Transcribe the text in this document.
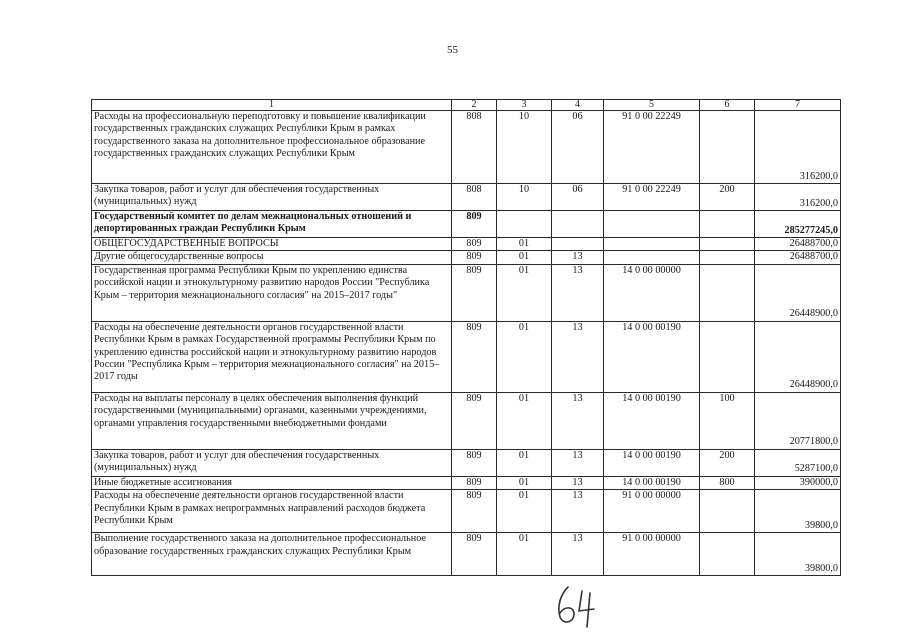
55
1	2	3	4	5	6	7
Расходы на профессиональную переподготовку и повышение квалификации государственных гражданских служащих Республики Крым в рамках государственного заказа на дополнительное профессиональное образование государственных гражданских служащих Республики Крым	808	10	06	91 0 00 22249		316200,0
Закупка товаров, работ и услуг для обеспечения государственных (муниципальных) нужд	808	10	06	91 0 00 22249	200	316200,0
Государственный комитет по делам межнациональных отношений и депортированных граждан Республики Крым	809					285277245,0
ОБЩЕГОСУДАРСТВЕННЫЕ ВОПРОСЫ	809	01				26488700,0
Другие общегосударственные вопросы	809	01	13			26488700,0
Государственная программа Республики Крым по укреплению единства российской нации и этнокультурному развитию народов России "Республика Крым – территория межнационального согласия" на 2015–2017 годы"	809	01	13	14 0 00 00000		26448900,0
Расходы на обеспечение деятельности органов государственной власти Республики Крым в рамках Государственной программы Республики Крым по укреплению единства российской нации и этнокультурному развитию народов России "Республика Крым – территория межнационального согласия" на 2015–2017 годы	809	01	13	14 0 00 00190		26448900,0
Расходы на выплаты персоналу в целях обеспечения выполнения функций государственными (муниципальными) органами, казенными учреждениями, органами управления государственными внебюджетными фондами	809	01	13	14 0 00 00190	100	20771800,0
Закупка товаров, работ и услуг для обеспечения государственных (муниципальных) нужд	809	01	13	14 0 00 00190	200	5287100,0
Иные бюджетные ассигнования	809	01	13	14 0 00 00190	800	390000,0
Расходы на обеспечение деятельности органов государственной власти Республики Крым в рамках непрограммных направлений расходов бюджета Республики Крым	809	01	13	91 0 00 00000		39800,0
Выполнение государственного заказа на дополнительное профессиональное образование государственных гражданских служащих Республики Крым	809	01	13	91 0 00 00000		39800,0
